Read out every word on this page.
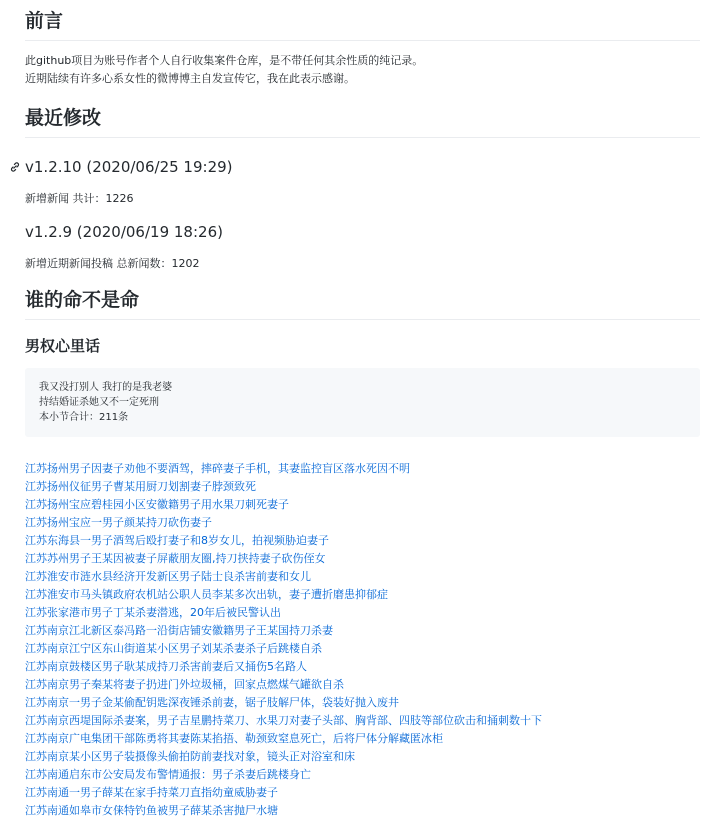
前言

此github项目为账号作者个人自行收集案件仓库，是不带任何其余性质的纯记录。

近期陆续有许多心系女性的微博博主自发宣传它，我在此表示感谢。

最近修改
v1.2.10 (2020/06/25 19:29)

新增新闻 共计：1226

v1.2.9 (2020/06/19 18:26)

新增近期新闻投稿 总新闻数：1202

谁的命不是命
男权心里话
我又没打别人 我打的是我老婆
持结婚证杀她又不一定死刑
本小节合计：211条
江苏扬州男子因妻子劝他不要酒驾，摔碎妻子手机，其妻监控盲区落水死因不明
江苏扬州仪征男子曹某用厨刀划割妻子脖颈致死
江苏扬州宝应碧桂园小区安徽籍男子用水果刀刺死妻子
江苏扬州宝应一男子颜某持刀砍伤妻子
江苏东海县一男子酒驾后殴打妻子和8岁女儿，拍视频胁迫妻子
江苏苏州男子王某因被妻子屏蔽朋友圈,持刀挟持妻子砍伤侄女
江苏淮安市涟水县经济开发新区男子陆士良杀害前妻和女儿
江苏淮安市马头镇政府农机站公职人员李某多次出轨，妻子遭折磨患抑郁症
江苏张家港市男子丁某杀妻潜逃，20年后被民警认出
江苏南京江北新区泰冯路一沿街店铺安徽籍男子王某国持刀杀妻
江苏南京江宁区东山街道某小区男子刘某杀妻杀子后跳楼自杀
江苏南京鼓楼区男子耿某成持刀杀害前妻后又捅伤5名路人
江苏南京男子秦某将妻子扔进门外垃圾桶，回家点燃煤气罐欲自杀
江苏南京一男子金某偷配钥匙深夜锤杀前妻，锯子肢解尸体，袋装好抛入废井
江苏南京西堤国际杀妻案，男子吉星鹏持菜刀、水果刀对妻子头部、胸背部、四肢等部位砍击和捅刺数十下
江苏南京广电集团干部陈勇将其妻陈某掐捂、勒颈致窒息死亡，后将尸体分解藏匿冰柜
江苏南京某小区男子装摄像头偷拍防前妻找对象，镜头正对浴室和床
江苏南通启东市公安局发布警情通报：男子杀妻后跳楼身亡
江苏南通一男子薛某在家手持菜刀直指幼童威胁妻子
江苏南通如皋市女俫特钓鱼被男子薛某杀害抛尸水塘
